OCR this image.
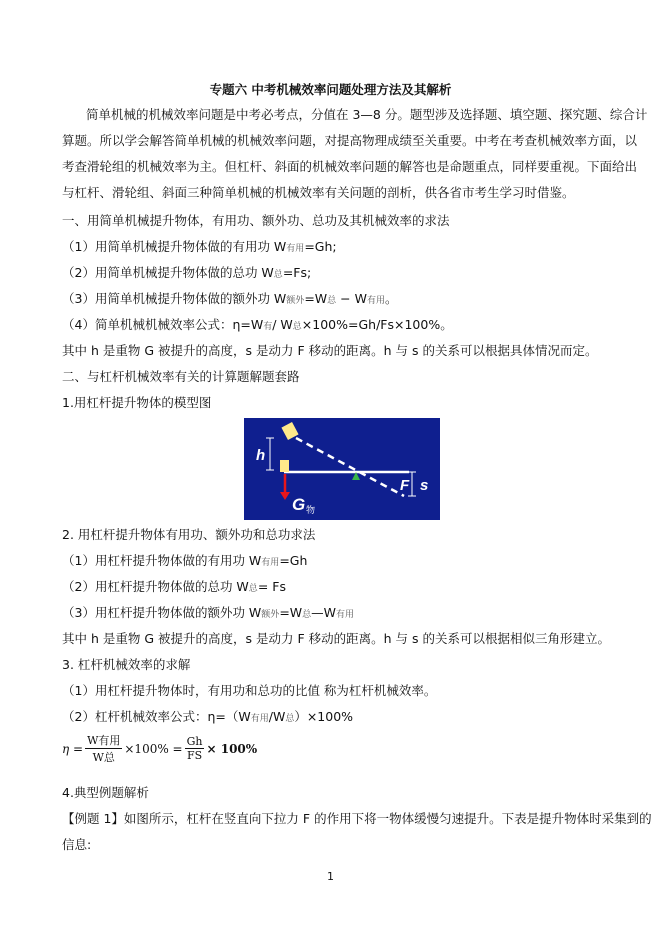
专题六 中考机械效率问题处理方法及其解析
简单机械的机械效率问题是中考必考点，分值在 3—8 分。题型涉及选择题、填空题、探究题、综合计
算题。所以学会解答简单机械的机械效率问题，对提高物理成绩至关重要。中考在考查机械效率方面，以
考查滑轮组的机械效率为主。但杠杆、斜面的机械效率问题的解答也是命题重点，同样要重视。下面给出
与杠杆、滑轮组、斜面三种简单机械的机械效率有关问题的剖析，供各省市考生学习时借鉴。
一、用简单机械提升物体，有用功、额外功、总功及其机械效率的求法
（1）用简单机械提升物体做的有用功 W有用=Gh;
（2）用简单机械提升物体做的总功 W总=Fs;
（3）用简单机械提升物体做的额外功 W额外=W总 − W有用。
（4）简单机械机械效率公式：η=W有/ W总×100%=Gh/Fs×100%。
其中 h 是重物 G 被提升的高度，s 是动力 F 移动的距离。h 与 s 的关系可以根据具体情况而定。
二、与杠杆机械效率有关的计算题解题套路
1.用杠杆提升物体的模型图
h
G 物
F s
2. 用杠杆提升物体有用功、额外功和总功求法
（1）用杠杆提升物体做的有用功 W有用=Gh
（2）用杠杆提升物体做的总功 W总= Fs
（3）用杠杆提升物体做的额外功 W额外=W总—W有用
其中 h 是重物 G 被提升的高度，s 是动力 F 移动的距离。h 与 s 的关系可以根据相似三角形建立。
3. 杠杆机械效率的求解
（1）用杠杆提升物体时，有用功和总功的比值 称为杠杆机械效率。
（2）杠杆机械效率公式：η=（W有用/W总）×100%
$\eta = \frac{\text{W有用}}{\text{W总}} \times 100\% = \frac{Gh}{FS} \times 100\%$
4.典型例题解析
【例题 1】如图所示，杠杆在竖直向下拉力 F 的作用下将一物体缓慢匀速提升。下表是提升物体时采集到的
信息:
1
